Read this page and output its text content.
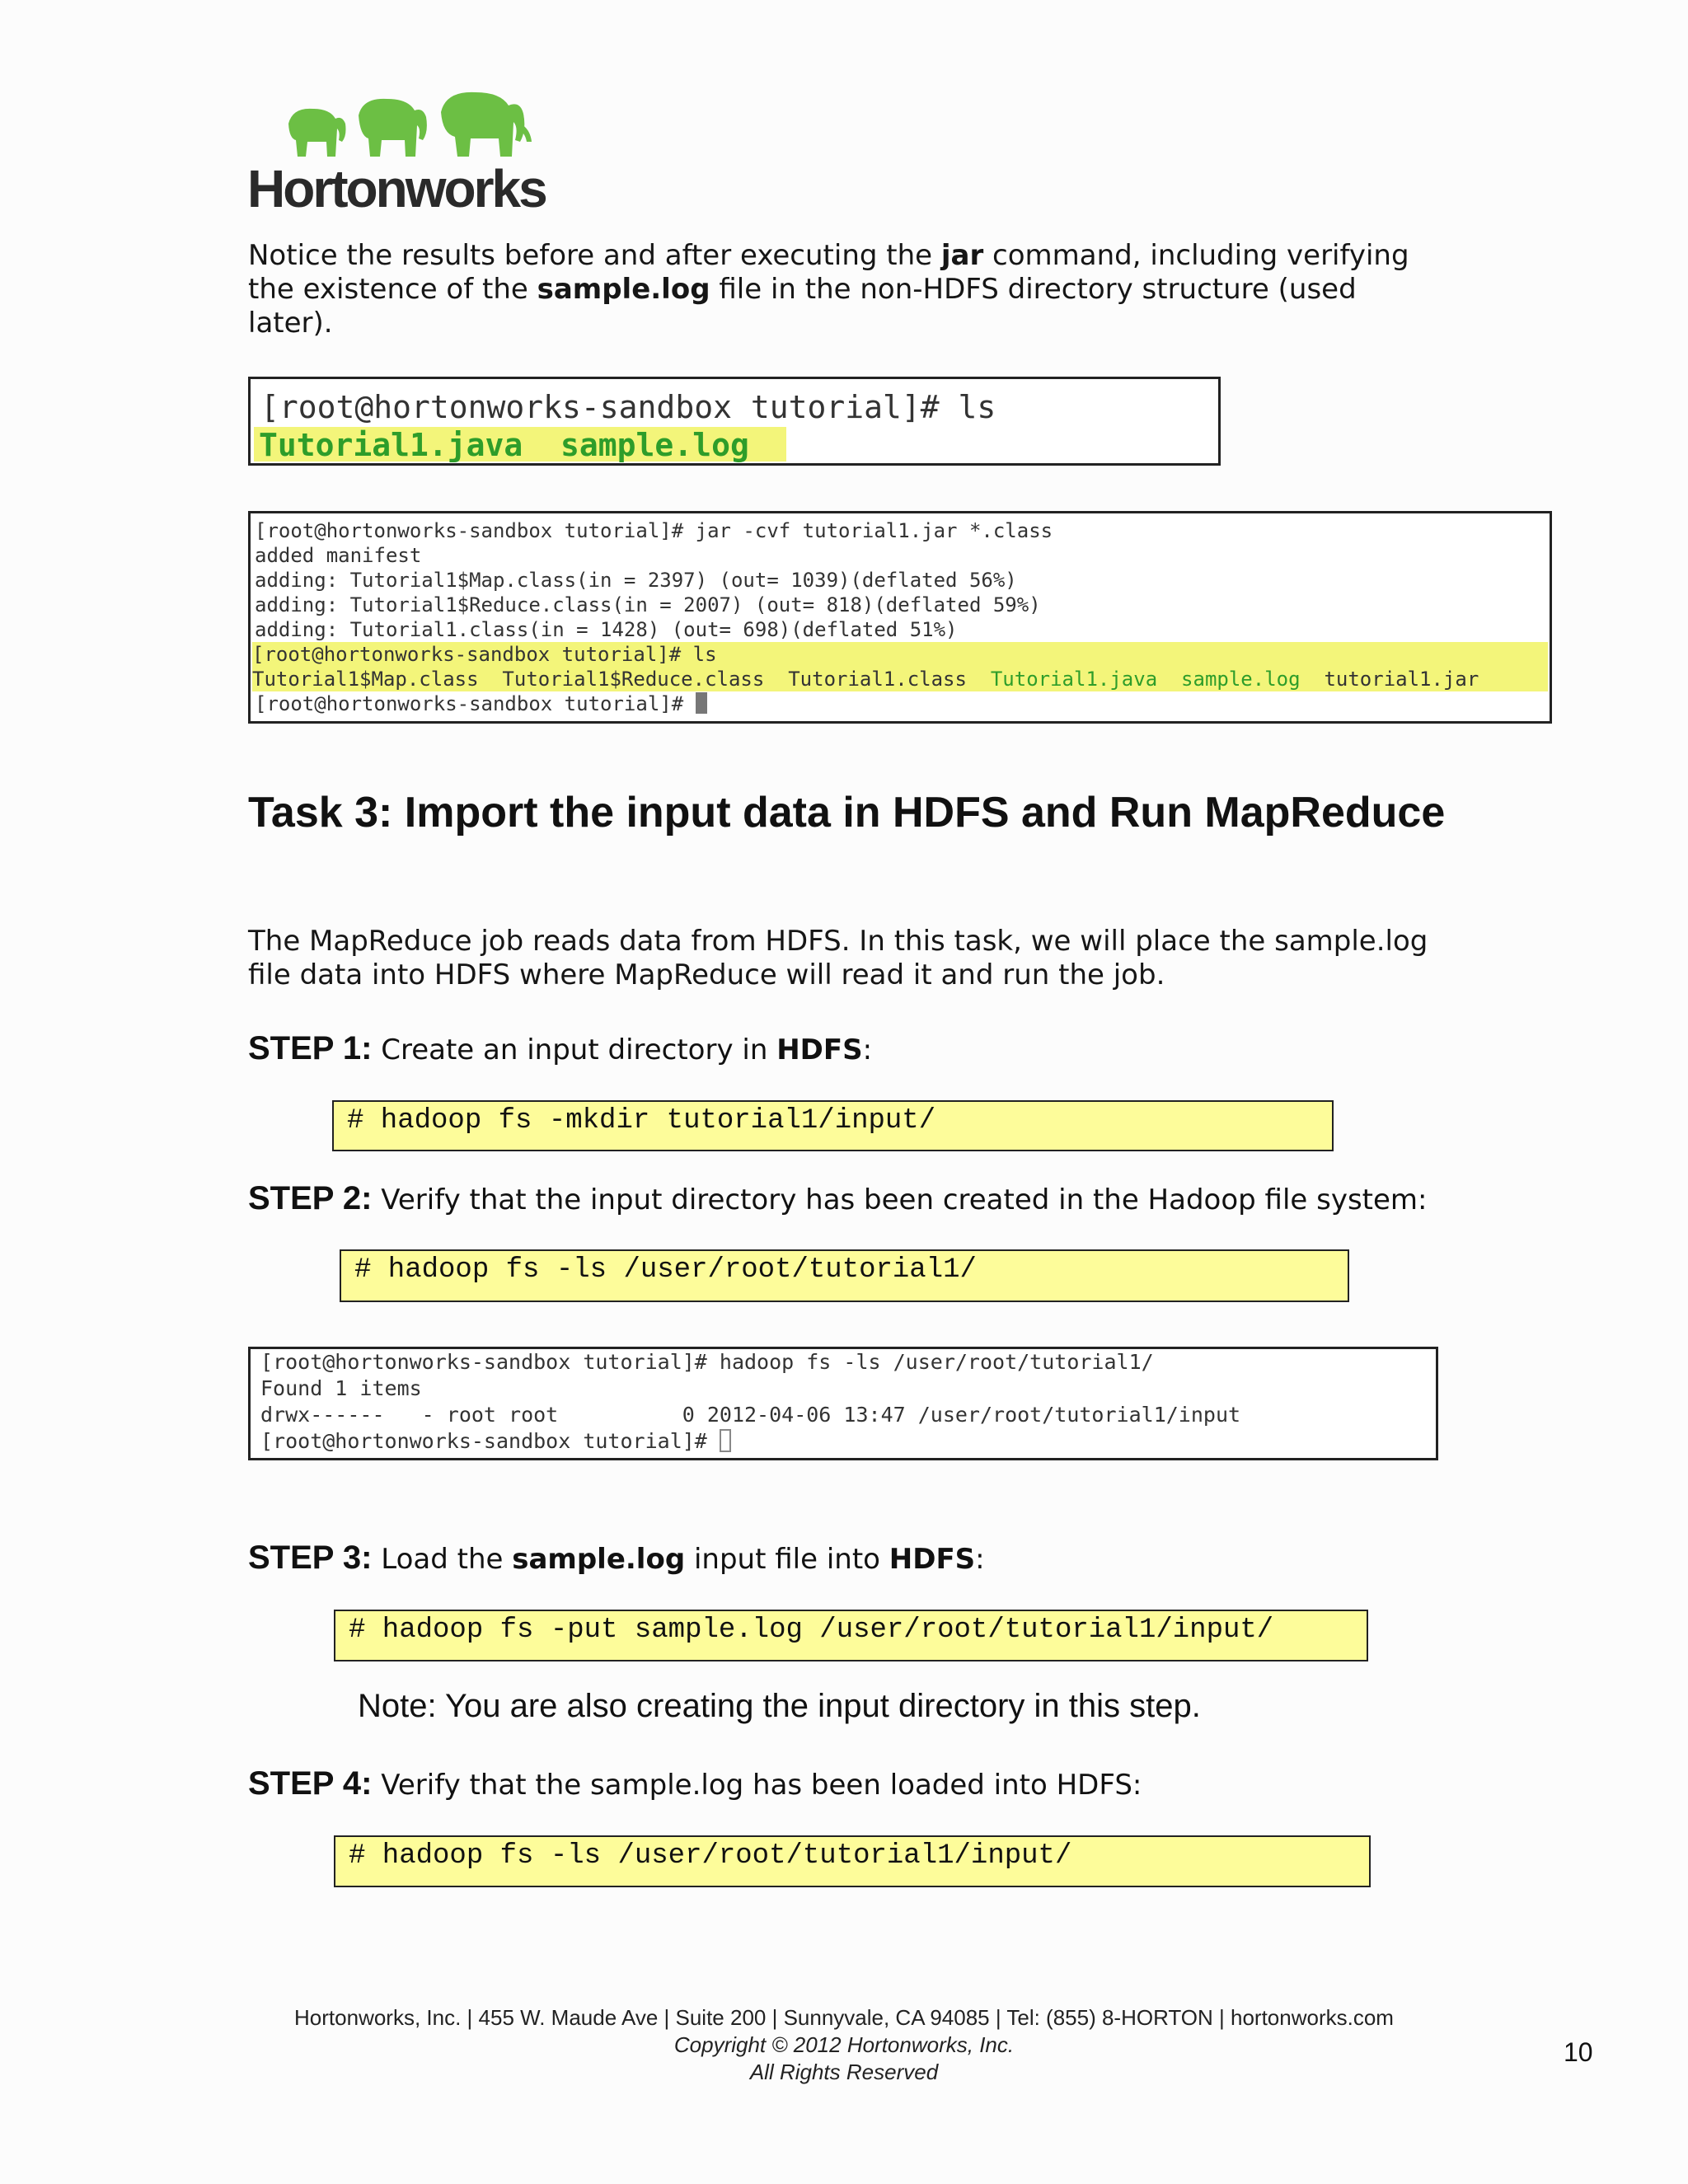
Hortonworks
Notice the results before and after executing the jar command, including verifying the existence of the sample.log file in the non-HDFS directory structure (used later).
[root@hortonworks-sandbox tutorial]# ls
Tutorial1.java  sample.log
[root@hortonworks-sandbox tutorial]# jar -cvf tutorial1.jar *.class
added manifest
adding: Tutorial1$Map.class(in = 2397) (out= 1039)(deflated 56%)
adding: Tutorial1$Reduce.class(in = 2007) (out= 818)(deflated 59%)
adding: Tutorial1.class(in = 1428) (out= 698)(deflated 51%)
[root@hortonworks-sandbox tutorial]# ls
Tutorial1$Map.class  Tutorial1$Reduce.class  Tutorial1.class  Tutorial1.java  sample.log  tutorial1.jar
[root@hortonworks-sandbox tutorial]#
Task 3: Import the input data in HDFS and Run MapReduce
The MapReduce job reads data from HDFS. In this task, we will place the sample.log file data into HDFS where MapReduce will read it and run the job.
STEP 1: Create an input directory in HDFS:
# hadoop fs -mkdir tutorial1/input/
STEP 2: Verify that the input directory has been created in the Hadoop file system:
# hadoop fs -ls /user/root/tutorial1/
[root@hortonworks-sandbox tutorial]# hadoop fs -ls /user/root/tutorial1/
Found 1 items
drwx------   - root root          0 2012-04-06 13:47 /user/root/tutorial1/input
[root@hortonworks-sandbox tutorial]#
STEP 3: Load the sample.log input file into HDFS:
# hadoop fs -put sample.log /user/root/tutorial1/input/
Note: You are also creating the input directory in this step.
STEP 4: Verify that the sample.log has been loaded into HDFS:
# hadoop fs -ls /user/root/tutorial1/input/
Hortonworks, Inc. | 455 W. Maude Ave | Suite 200 | Sunnyvale, CA 94085 | Tel: (855) 8-HORTON | hortonworks.com
Copyright © 2012 Hortonworks, Inc.
All Rights Reserved
10
